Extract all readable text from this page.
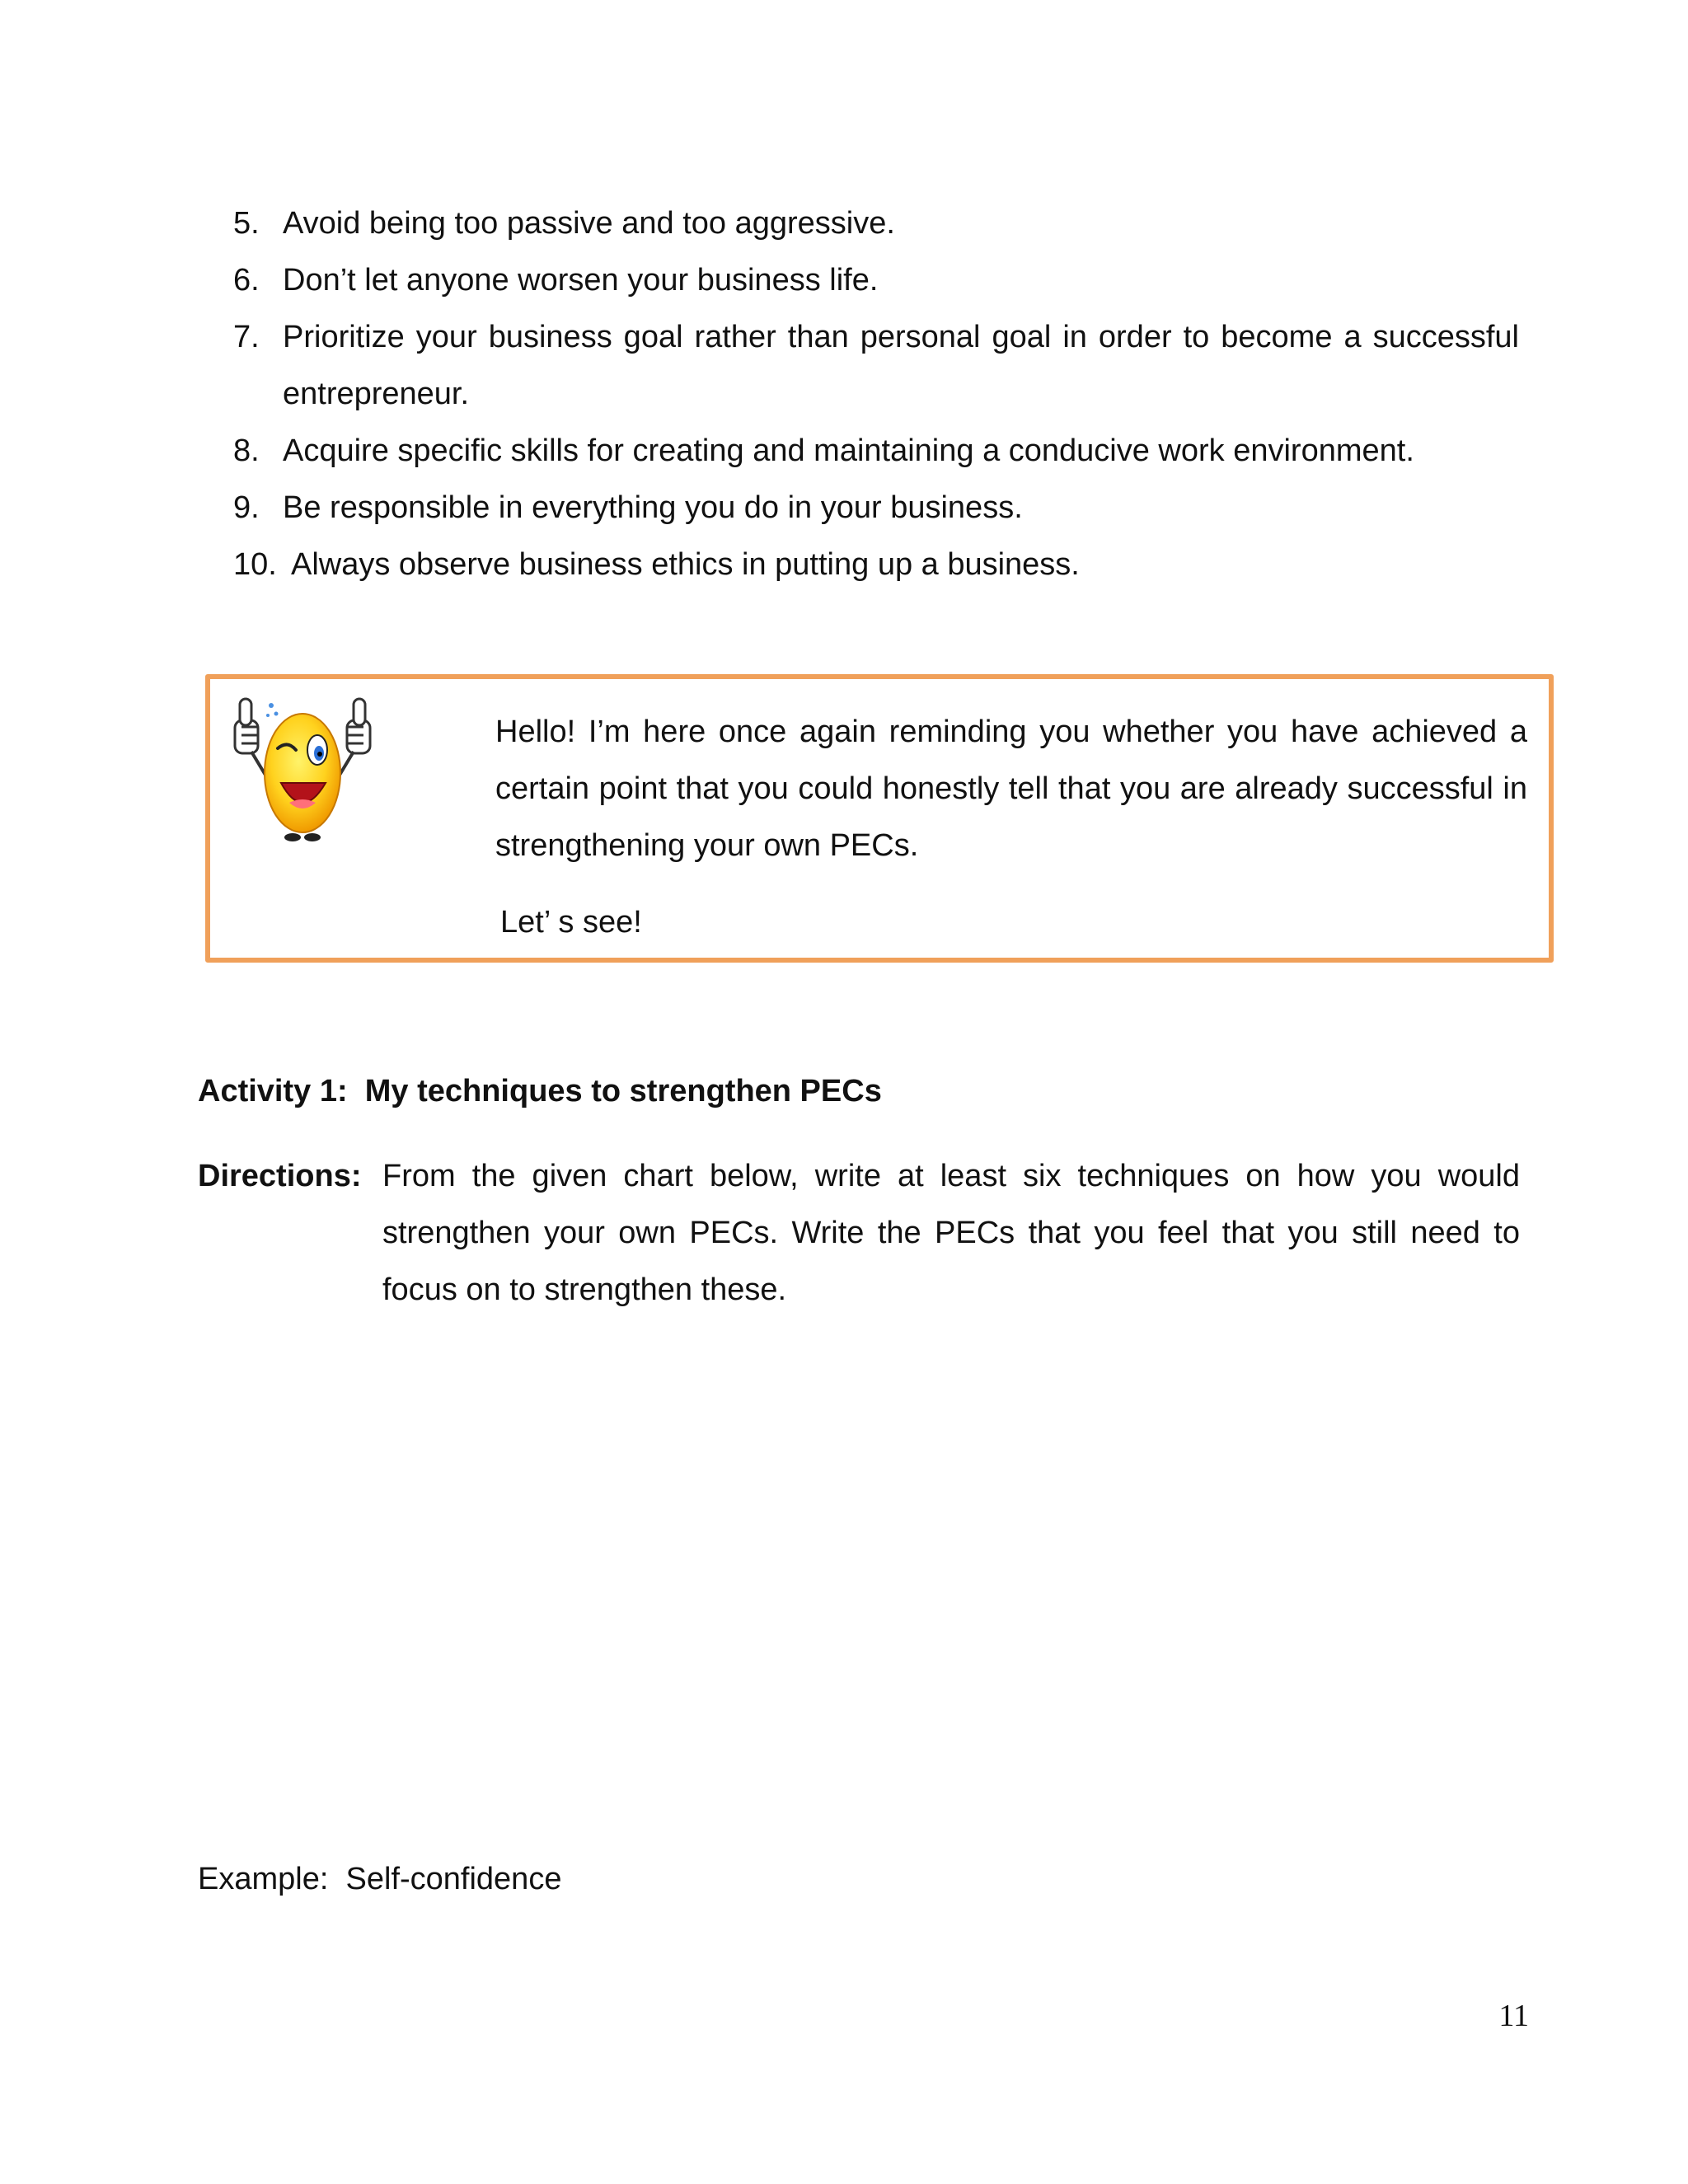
5. Avoid being too passive and too aggressive.
6. Don’t let anyone worsen your business life.
7. Prioritize your business goal rather than personal goal in order to become a successful entrepreneur.
8. Acquire specific skills for creating and maintaining a conducive work environment.
9. Be responsible in everything you do in your business.
10. Always observe business ethics in putting up a business.
Hello! I’m here once again reminding you whether you have achieved a certain point that you could honestly tell that you are already successful in strengthening your own PECs.
Let’ s see!
Activity 1:  My techniques to strengthen PECs
Directions: From the given chart below, write at least six techniques on how you would strengthen your own PECs. Write the PECs that you feel that you still need to focus on to strengthen these.
Example:  Self-confidence
11
